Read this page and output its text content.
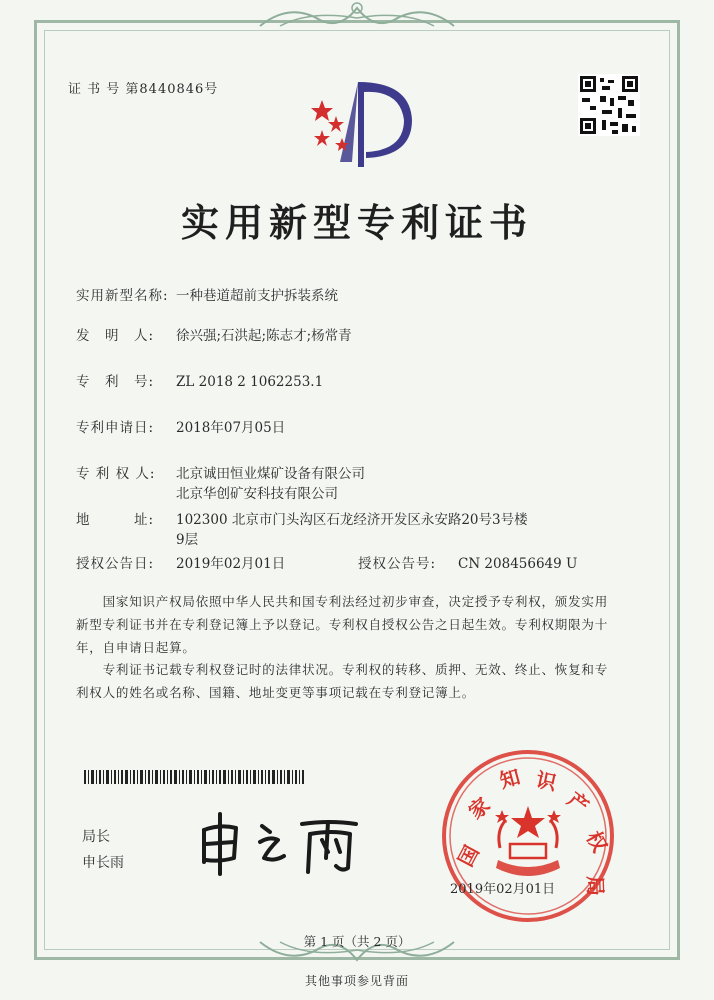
证 书 号 第8440846号
实用新型专利证书
实用新型名称: 一种巷道超前支护拆装系统
发　明　人: 徐兴强;石洪起;陈志才;杨常青
专　利　号: ZL 2018 2 1062253.1
专利申请日: 2018年07月05日
专 利 权 人: 北京诚田恒业煤矿设备有限公司
北京华创矿安科技有限公司
地　　　址: 102300 北京市门头沟区石龙经济开发区永安路20号3号楼
9层
授权公告日: 2019年02月01日	授权公告号: CN 208456649 U
　　国家知识产权局依照中华人民共和国专利法经过初步审查，决定授予专利权，颁发实用
新型专利证书并在专利登记簿上予以登记。专利权自授权公告之日起生效。专利权期限为十
年，自申请日起算。
　　专利证书记载专利权登记时的法律状况。专利权的转移、质押、无效、终止、恢复和专
利权人的姓名或名称、国籍、地址变更等事项记载在专利登记簿上。
局长
申长雨	国
家
知 识
产
权
局
2019年02月01日
第 1 页（共 2 页）
其他事项参见背面
